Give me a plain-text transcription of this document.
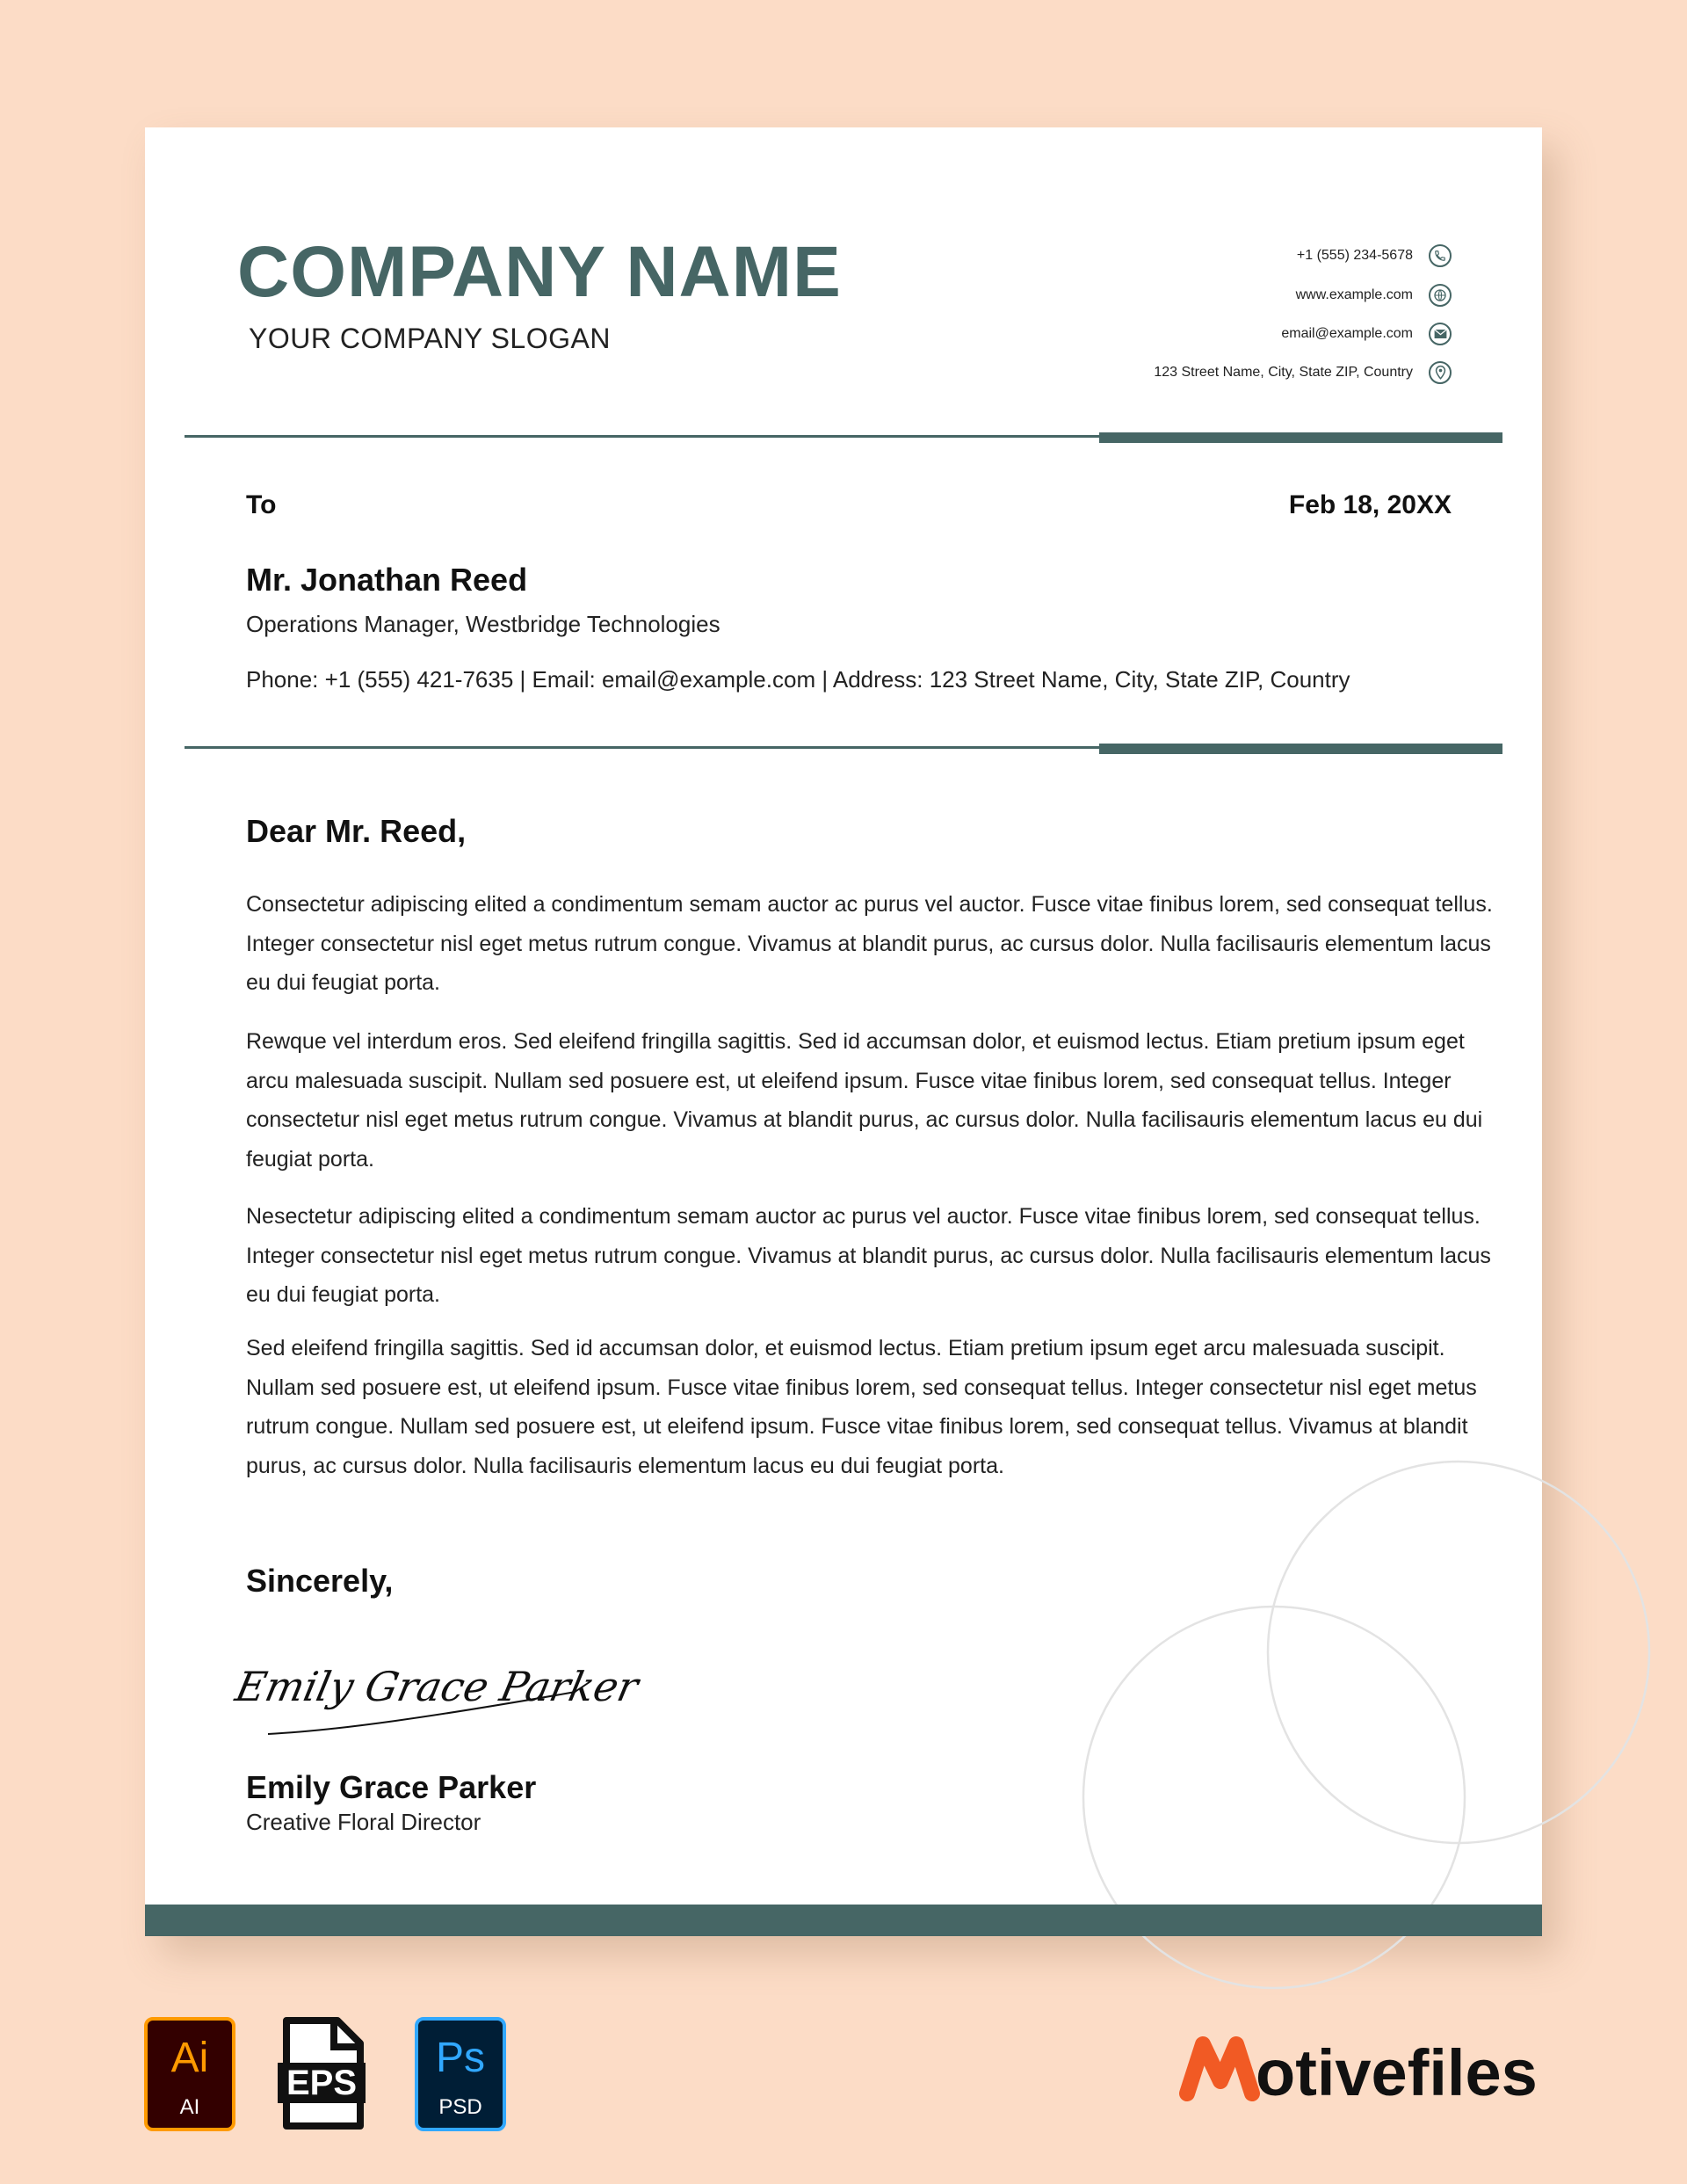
COMPANY NAME
YOUR COMPANY SLOGAN
+1 (555) 234-5678
www.example.com
email@example.com
123 Street Name, City, State ZIP, Country
To	Feb 18, 20XX
Mr. Jonathan Reed
Operations Manager, Westbridge Technologies
Phone: +1 (555) 421-7635 | Email: email@example.com | Address: 123 Street Name, City, State ZIP, Country
Dear Mr. Reed,

Consectetur adipiscing elited a condimentum semam auctor ac purus vel auctor. Fusce vitae finibus lorem, sed consequat tellus. Integer consectetur nisl eget metus rutrum congue. Vivamus at blandit purus, ac cursus dolor. Nulla facilisauris elementum lacus eu dui feugiat porta.

Rewque vel interdum eros. Sed eleifend fringilla sagittis. Sed id accumsan dolor, et euismod lectus. Etiam pretium ipsum eget arcu malesuada suscipit. Nullam sed posuere est, ut eleifend ipsum. Fusce vitae finibus lorem, sed consequat tellus. Integer consectetur nisl eget metus rutrum congue. Vivamus at blandit purus, ac cursus dolor. Nulla facilisauris elementum lacus eu dui feugiat porta.

Nesectetur adipiscing elited a condimentum semam auctor ac purus vel auctor. Fusce vitae finibus lorem, sed consequat tellus. Integer consectetur nisl eget metus rutrum congue. Vivamus at blandit purus, ac cursus dolor. Nulla facilisauris elementum lacus eu dui feugiat porta.

Sed eleifend fringilla sagittis. Sed id accumsan dolor, et euismod lectus. Etiam pretium ipsum eget arcu malesuada suscipit. Nullam sed posuere est, ut eleifend ipsum. Fusce vitae finibus lorem, sed consequat tellus. Integer consectetur nisl eget metus rutrum congue. Nullam sed posuere est, ut eleifend ipsum. Fusce vitae finibus lorem, sed consequat tellus. Vivamus at blandit purus, ac cursus dolor. Nulla facilisauris elementum lacus eu dui feugiat porta.

Sincerely,
Emily Grace Parker
Emily Grace Parker
Creative Floral Director
Ai
AI
EPS
Ps
PSD	otivefiles
